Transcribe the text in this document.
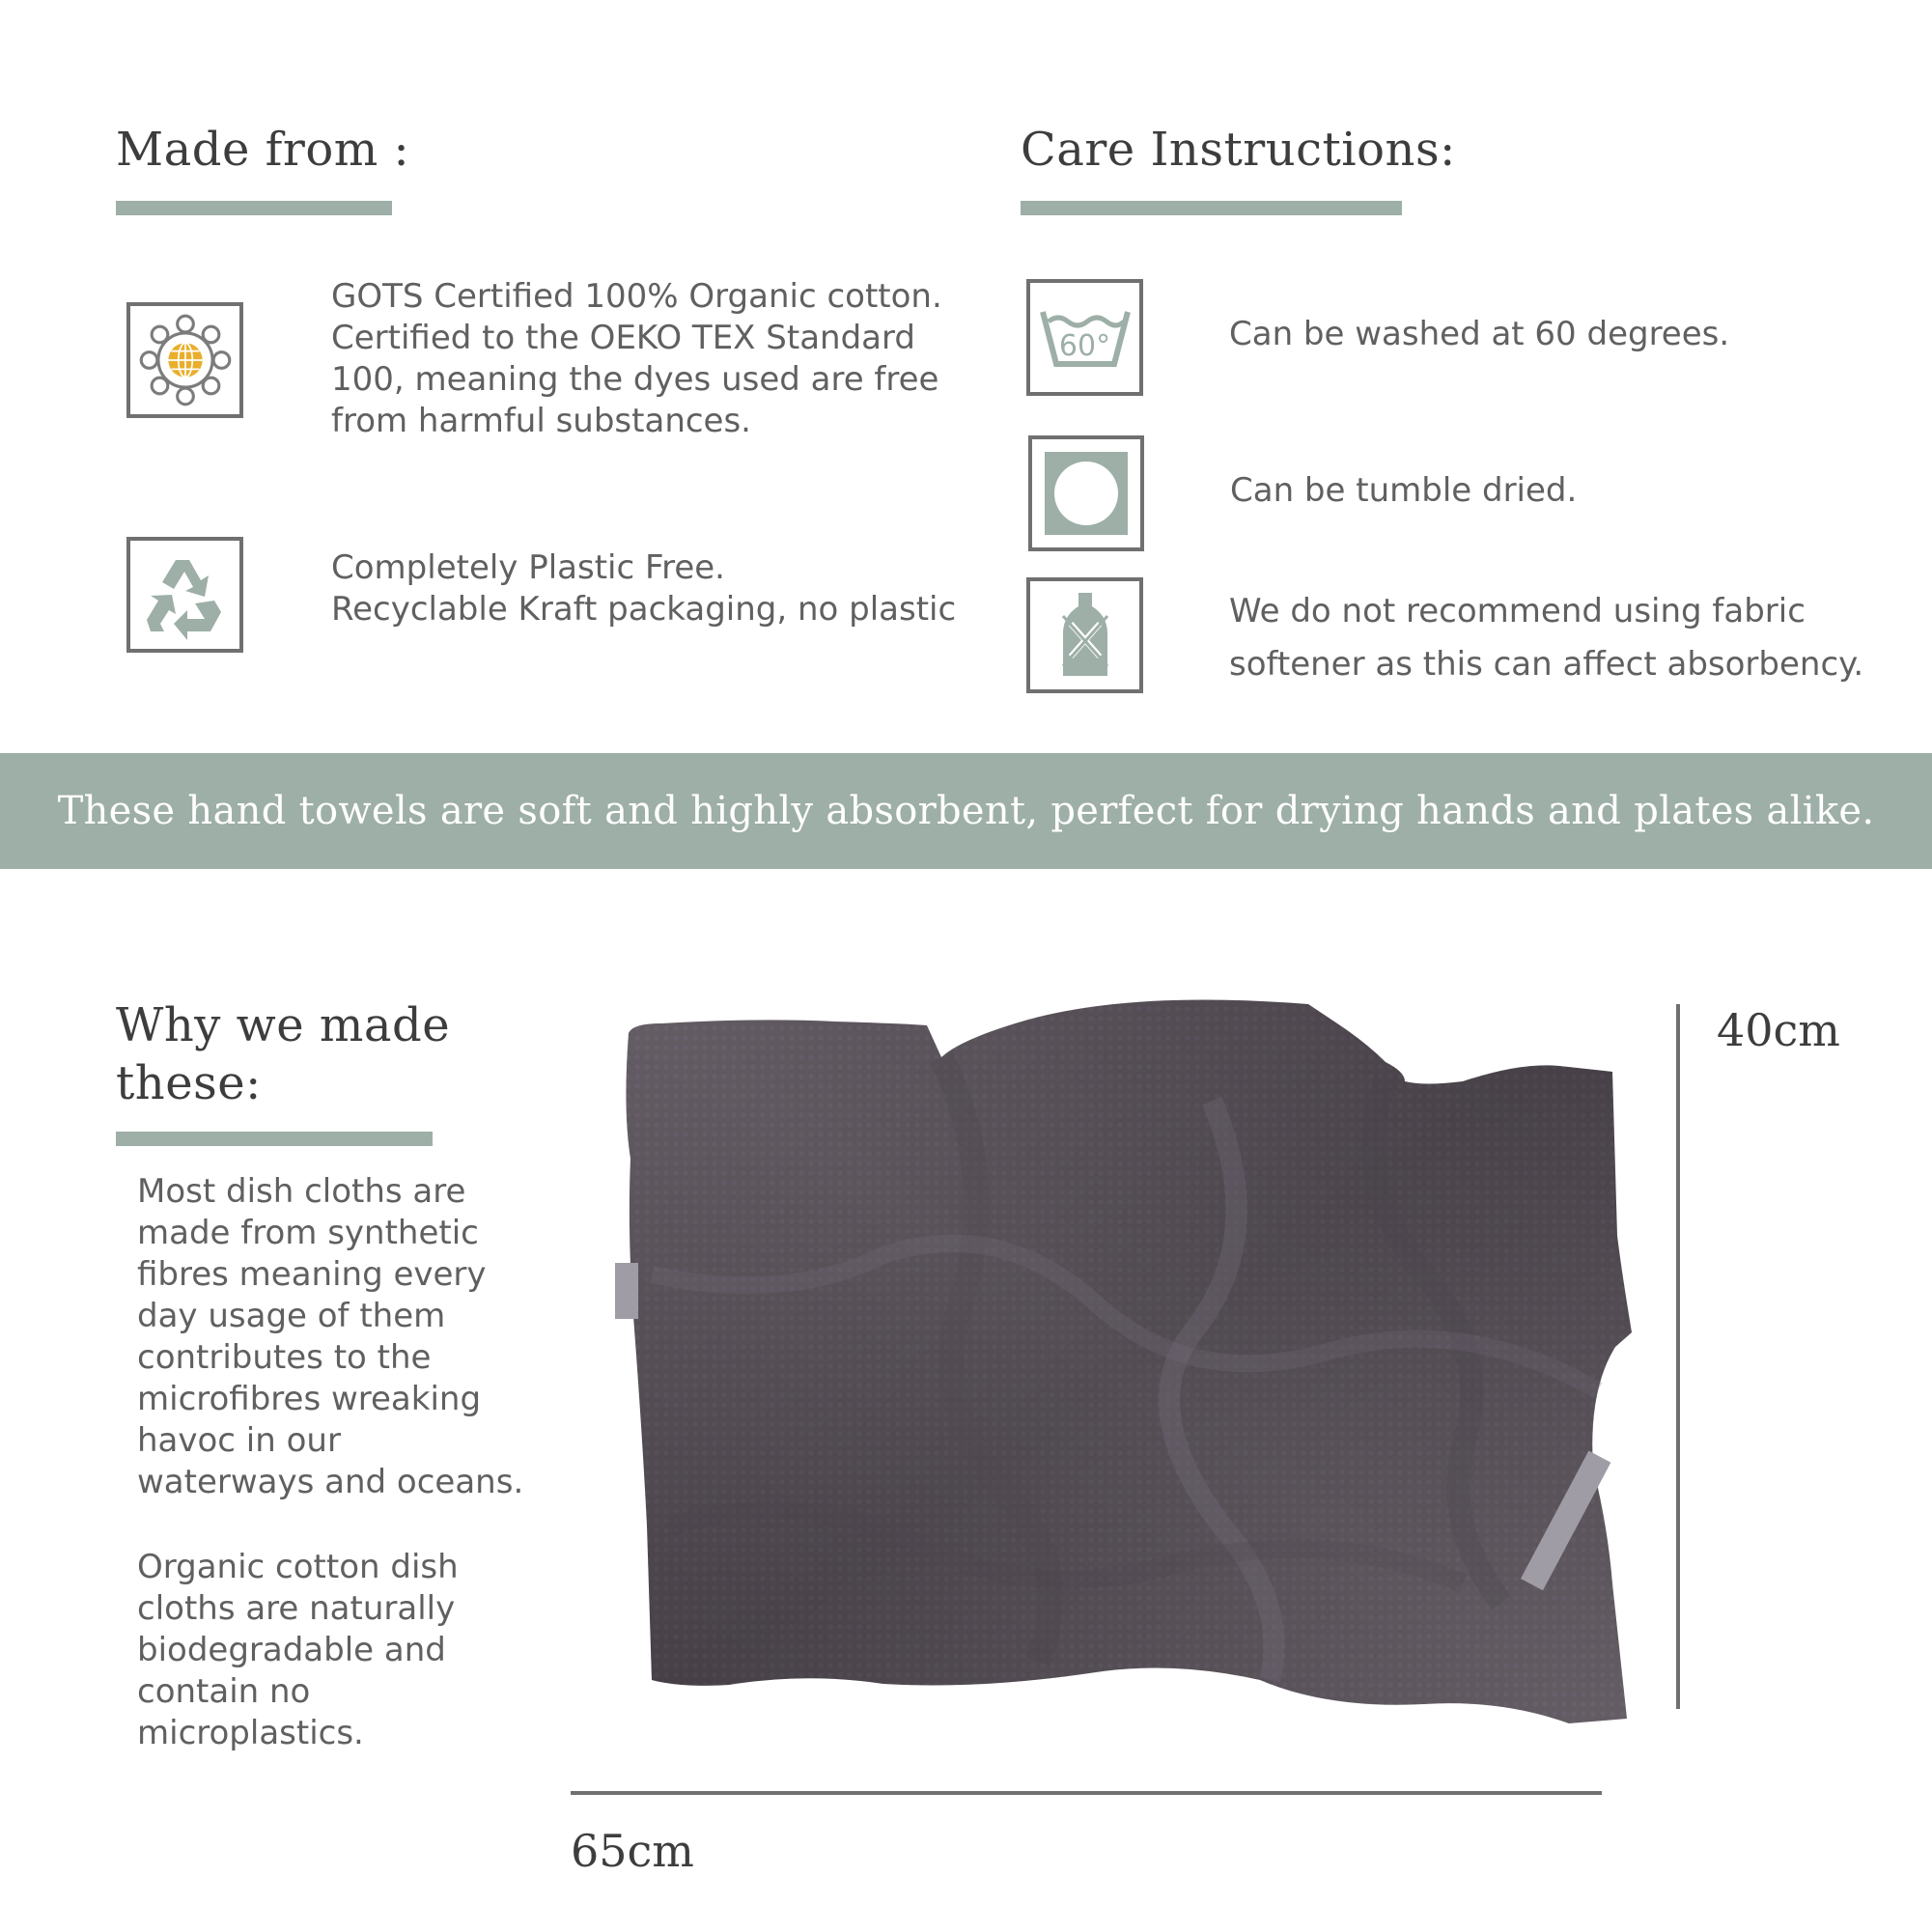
Made from :

GOTS Certified 100% Organic cotton.
Certified to the OEKO TEX Standard
100, meaning the dyes used are free
from harmful substances.

Completely Plastic Free.
Recyclable Kraft packaging, no plastic

Care Instructions:
60°	Can be washed at 60 degrees.

Can be tumble dried.

We do not recommend using fabric
softener as this can affect absorbency.

These hand towels are soft and highly absorbent, perfect for drying hands and plates alike.
Why we made
these:

Most dish cloths are
made from synthetic
fibres meaning every
day usage of them
contributes to the
microfibres wreaking
havoc in our
waterways and oceans.

Organic cotton dish
cloths are naturally
biodegradable and
contain no
microplastics.

40cm
65cm
